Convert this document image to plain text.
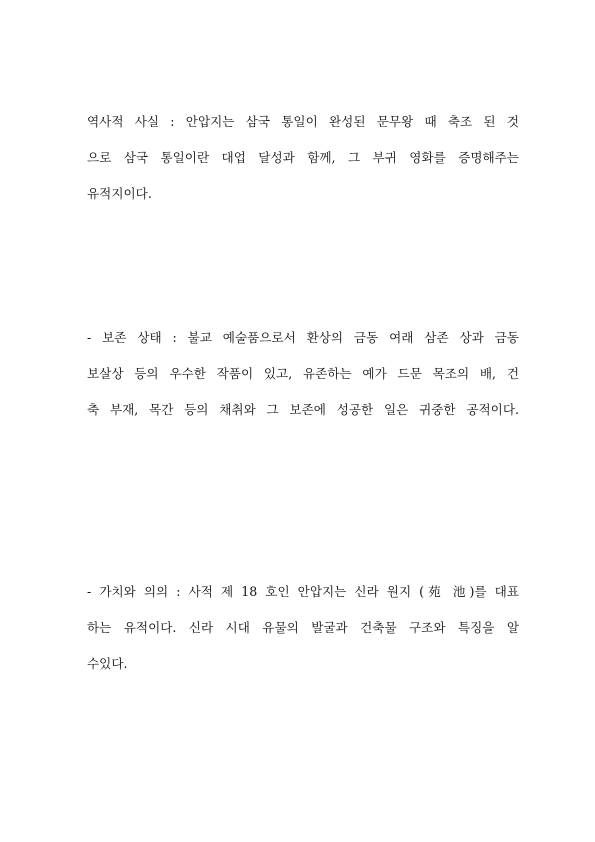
역사적 사실 : 안압지는 삼국 통일이 완성된 문무왕 때 축조 된 것
으로 삼국 통일이란 대업 달성과 함께, 그 부귀 영화를 증명해주는
유적지이다.
- 보존 상태 : 불교 예술품으로서 환상의 금동 여래 삼존 상과 금동
보살상 등의 우수한 작품이 있고, 유존하는 예가 드문 목조의 배, 건
축 부재, 목간 등의 채취와 그 보존에 성공한 일은 귀중한 공적이다.
- 가치와 의의 : 사적 제 18 호인 안압지는 신라 원지 (苑 池)를 대표
하는 유적이다. 신라 시대 유물의 발굴과 건축물 구조와 특징을 알
수있다.
